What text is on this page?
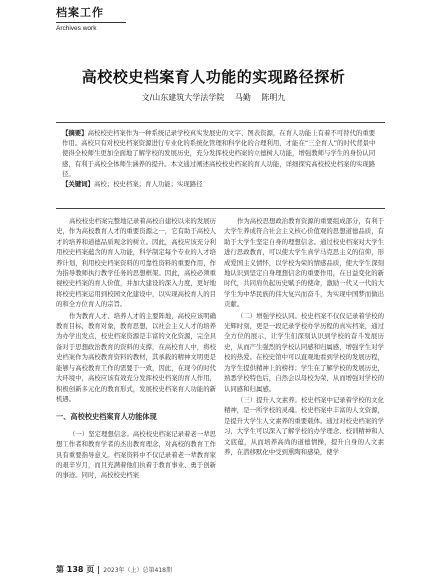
档案工作
Archives work
高校校史档案育人功能的实现路径探析
文/山东建筑大学法学院 马勤 陈明九
【摘要】高校校史档案作为一种系统记录学校真实发展史的文字、图表资源，在育人功能上有着不可替代的重要作用。高校只有对校史档案资源进行专业化的系统化管理和科学化的合理利用，才能在“三全育人”的时代背景中使得全校师生更加全面地了解学校的发展历史，充分发挥校史档案的立德树人功能，增强教师与学生的身份认同感，有利于高校全体师生涵养的提升。本文通过阐述高校校史档案的育人功能，详细探究高校校史档案的实现路径。
【关键词】高校；校史档案；育人功能；实现路径

高校校史档案完整地记录着高校自建校以来的发展历史，作为高校教育人才的重要资源之一，它有助于高校人才的培养和道德品质观念的树立。因此，高校应该充分利用校史档案蕴含的育人功能，科学制定每个专业的人才培养计划，利用校史档案资料的可靠性资料的重要作用，作为指导教师执行教学任务的思想框架。因此，高校必须重视校史档案的育人价值，并加大建设的深入力度，更好地将校史档案运用到校园文化建设中，以实现高校育人的目的和全方位育人的宗旨。

作为教育人才、培养人才的主要阵地，高校应该明确教育目标，教育对象，教育思想，以社会主义人才的培养为办学出发点，校史档案资源是丰富的文化资源，完全具备对于思想政治教育的资料的支撑，在高校育人中，将校史档案作为高校教育资料的教材，其承载的精神文明更是能够与高校教育工作的需要于一致，因此，在现今的时代大环境中，高校应该有效充分发挥校史档案的育人作用，积极创新多元化的教育形式，发展校史档案育人功能的新机遇。

一、高校校史档案育人功能体现

（一）坚定理想信念。高校校史档案记录着老一辈思想工作者和教育学者的杰出教育理念，对高校的教育工作具有重要指导意义。档案资料中不仅记录着老一辈教育家的艰辛岁月，而且充满着他们执着于教育事业、勇于创新的事迹。同时，高校校史档案

作为高校思想政治教育资源的重要组成部分，有利于大学生养成符合社会主义核心价值观的思想道德品质，有助于大学生坚定自身的理想信念。通过校史档案对大学生进行思政教育，可以使大学生真学马克思主义的信仰，形成爱国主义情怀，以学校为荣的情感品质，使大学生深刻地认识到坚定自身理想信念的重要作用，在日益变化的新时代，共同肩负起历史赋予的使命，激励一代又一代的大学生为中华民族的伟大复兴而奋斗，为实现中国梦而做出贡献。

（二）增强学校认同。校史档案不仅仅记录着学校的光辉时刻，更是一段记录学校办学历程的真实档案，通过全方位的展示，让学生们深刻认识到学校的奋斗发展历史，从而产生强烈的学校认同感和归属感，增强学生对学校的热爱。在校史馆中可以直观地看到学校的发展历程，为学生提供精神上的榜样；学生在了解学校的发展历史，熟悉学校特色后，自然会以母校为荣，从而增强对学校的认同感和归属感。

（三）提升人文素养。校史档案中记录着学校的文化精神，是一所学校的灵魂。校史档案中丰富的人文资源，是提升大学生人文素养的重要载体。通过对校史档案的学习，大学生可以深入了解学校的办学理念、校训精神和人文底蕴，从而培养高尚的道德情操，提升自身的人文素养，在潜移默化中受到熏陶和感染，使学

第 138 页 2023年（上）总第418期
